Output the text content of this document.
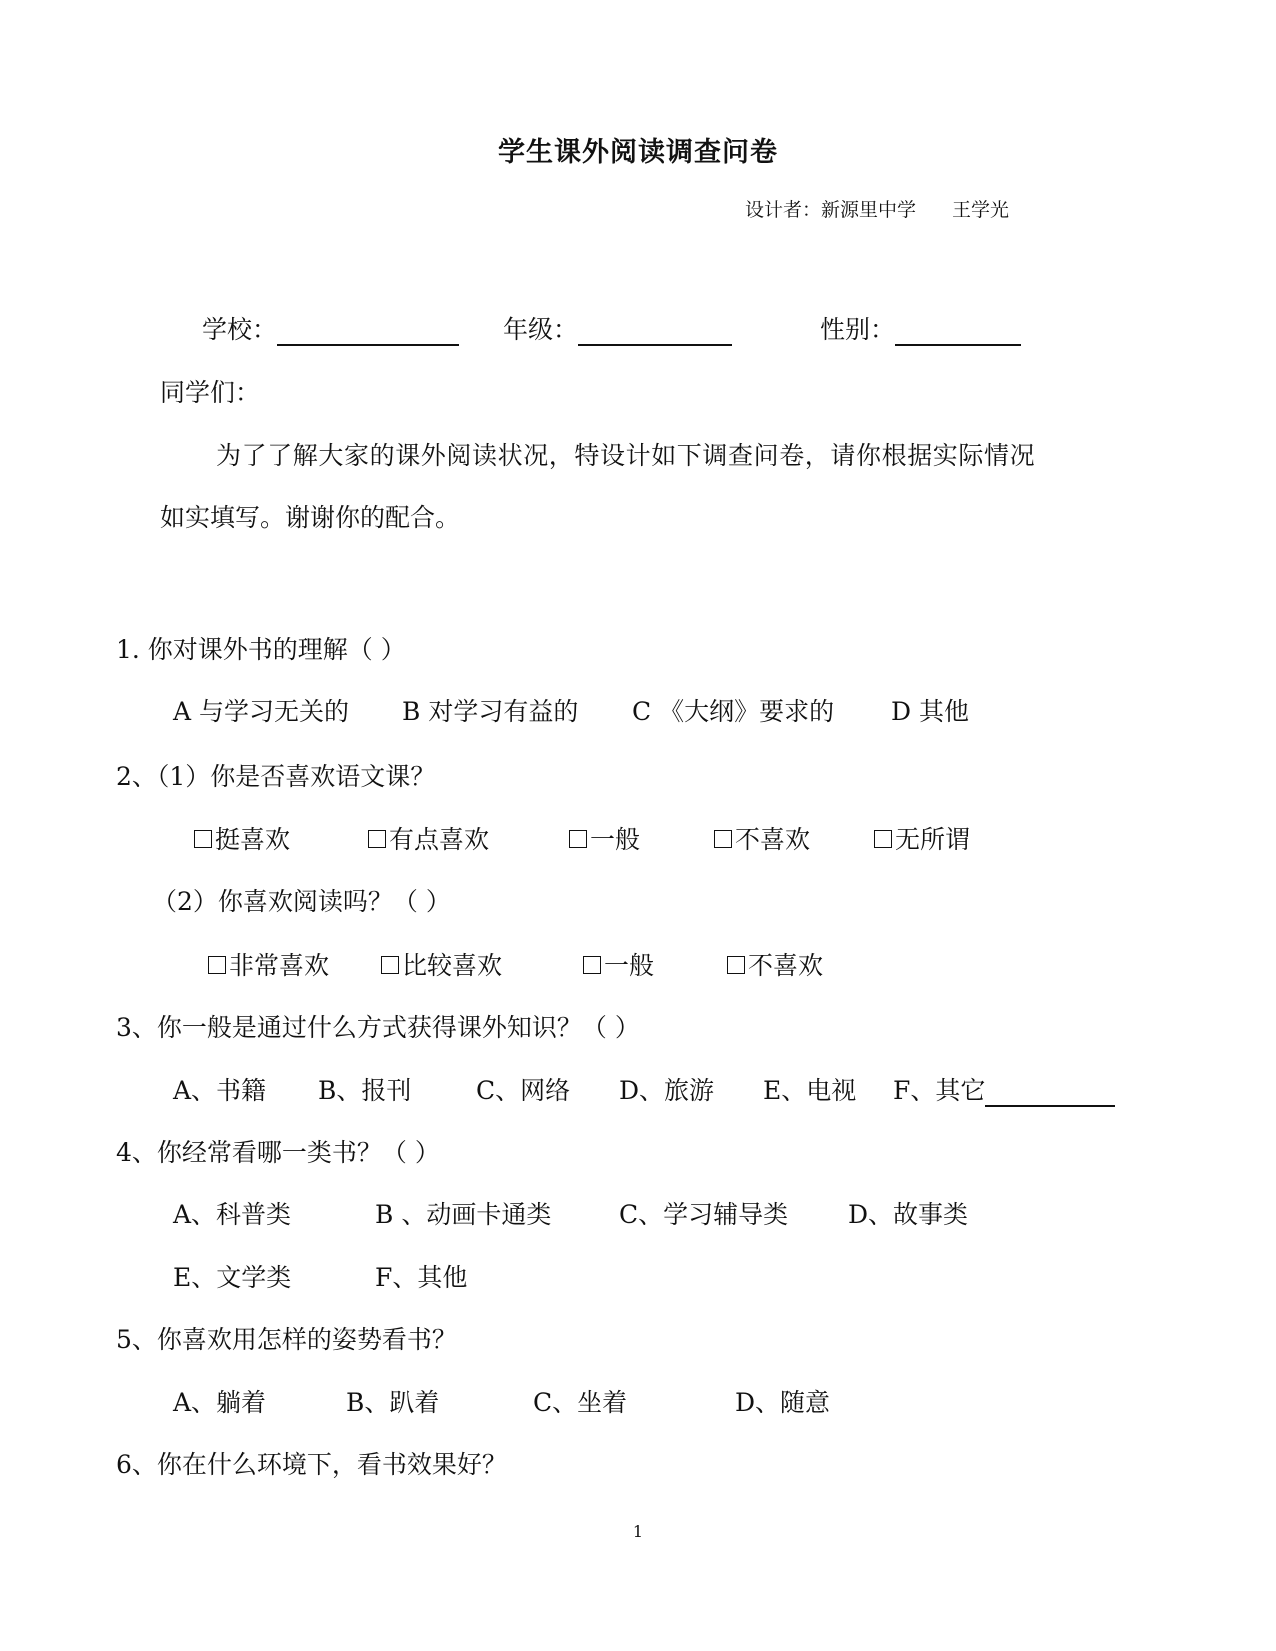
学生课外阅读调查问卷
设计者：新源里中学 王学光
学校：	年级：	性别：
同学们：
为了了解大家的课外阅读状况，特设计如下调查问卷，请你根据实际情况
如实填写。谢谢你的配合。
1. 你对课外书的理解（ ）
A 与学习无关的 B 对学习有益的 C 《大纲》要求的 D 其他
2、（1）你是否喜欢语文课？
挺喜欢	有点喜欢	一般	不喜欢	无所谓
（2）你喜欢阅读吗？（ ）
非常喜欢	比较喜欢	一般	不喜欢
3、你一般是通过什么方式获得课外知识？（ ）
A、书籍 B、报刊	C、网络 D、旅游 E、电视 F、其它
4、你经常看哪一类书？（ ）
A、科普类	B 、动画卡通类	C、学习辅导类 D、故事类
E、文学类	F、其他
5、你喜欢用怎样的姿势看书？
A、躺着	B、趴着	C、坐着	D、随意
6、你在什么环境下，看书效果好？
1
